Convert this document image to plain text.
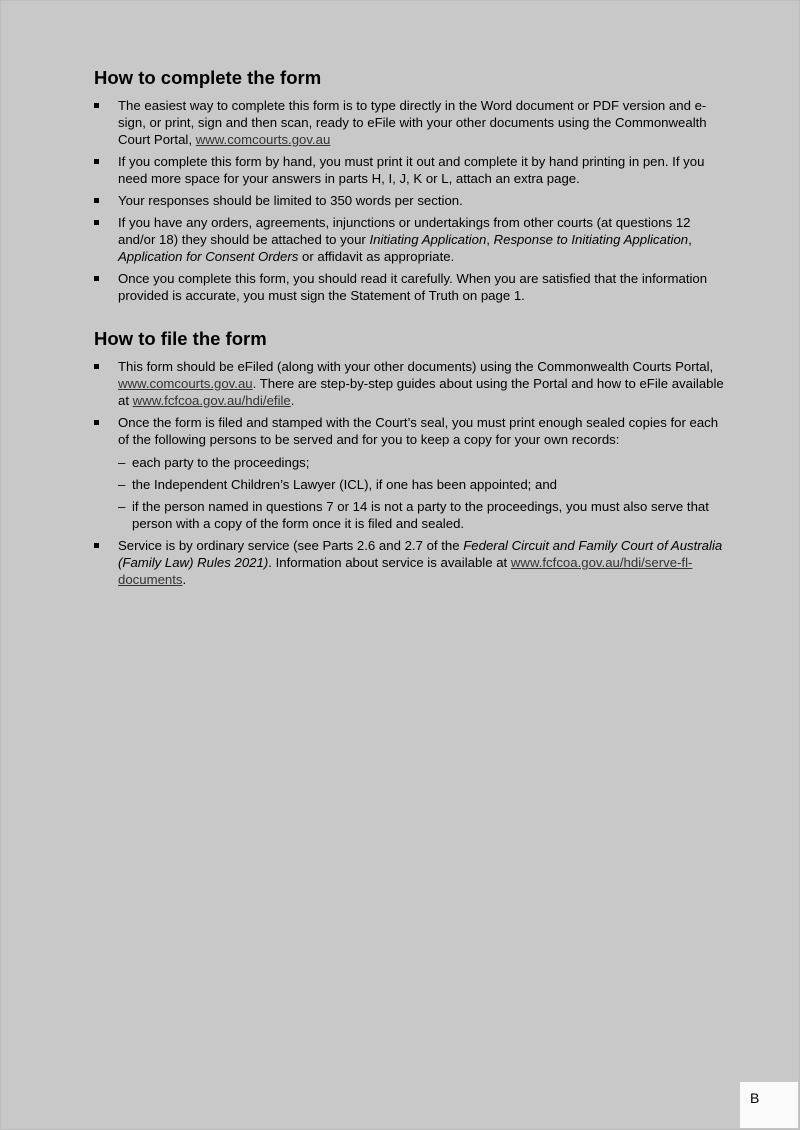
How to complete the form
The easiest way to complete this form is to type directly in the Word document or PDF version and e-sign, or print, sign and then scan, ready to eFile with your other documents using the Commonwealth Court Portal, www.comcourts.gov.au
If you complete this form by hand, you must print it out and complete it by hand printing in pen. If you need more space for your answers in parts H, I, J, K or L, attach an extra page.
Your responses should be limited to 350 words per section.
If you have any orders, agreements, injunctions or undertakings from other courts (at questions 12 and/or 18) they should be attached to your Initiating Application, Response to Initiating Application, Application for Consent Orders or affidavit as appropriate.
Once you complete this form, you should read it carefully. When you are satisfied that the information provided is accurate, you must sign the Statement of Truth on page 1.
How to file the form
This form should be eFiled (along with your other documents) using the Commonwealth Courts Portal, www.comcourts.gov.au. There are step-by-step guides about using the Portal and how to eFile available at www.fcfcoa.gov.au/hdi/efile.
Once the form is filed and stamped with the Court’s seal, you must print enough sealed copies for each of the following persons to be served and for you to keep a copy for your own records:
– each party to the proceedings;
– the Independent Children’s Lawyer (ICL), if one has been appointed; and
– if the person named in questions 7 or 14 is not a party to the proceedings, you must also serve that person with a copy of the form once it is filed and sealed.
Service is by ordinary service (see Parts 2.6 and 2.7 of the Federal Circuit and Family Court of Australia (Family Law) Rules 2021). Information about service is available at www.fcfcoa.gov.au/hdi/serve-fl-documents.
B
